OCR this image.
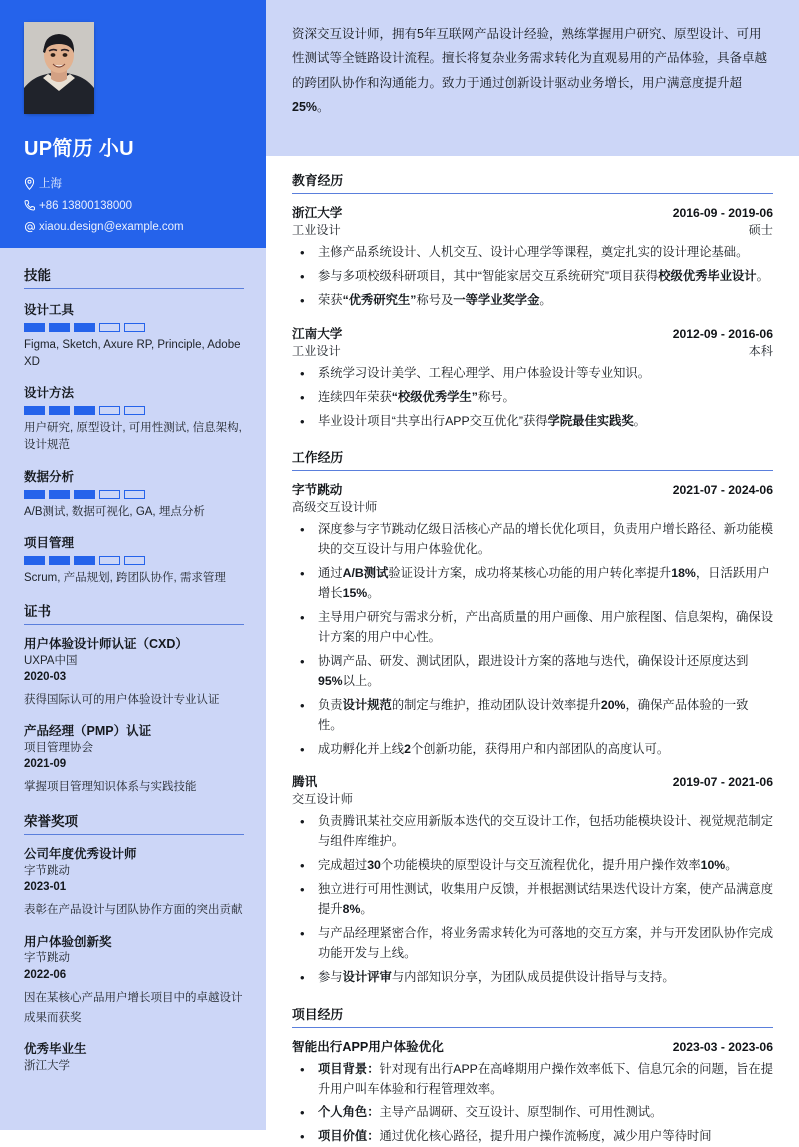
UP简历 小U
上海
+86 13800138000
xiaou.design@example.com
技能
设计工具
Figma, Sketch, Axure RP, Principle, Adobe XD
设计方法
用户研究, 原型设计, 可用性测试, 信息架构, 设计规范
数据分析
A/B测试, 数据可视化, GA, 埋点分析
项目管理
Scrum, 产品规划, 跨团队协作, 需求管理
证书
用户体验设计师认证（CXD）
UXPA中国
2020-03
获得国际认可的用户体验设计专业认证
产品经理（PMP）认证
项目管理协会
2021-09
掌握项目管理知识体系与实践技能
荣誉奖项
公司年度优秀设计师
字节跳动
2023-01
表彰在产品设计与团队协作方面的突出贡献
用户体验创新奖
字节跳动
2022-06
因在某核心产品用户增长项目中的卓越设计成果而获奖
优秀毕业生
浙江大学
资深交互设计师，拥有5年互联网产品设计经验，熟练掌握用户研究、原型设计、可用性测试等全链路设计流程。擅长将复杂业务需求转化为直观易用的产品体验，具备卓越的跨团队协作和沟通能力。致力于通过创新设计驱动业务增长，用户满意度提升超25%。
教育经历
浙江大学	2016-09 - 2019-06
工业设计	硕士
• 主修产品系统设计、人机交互、设计心理学等课程，奠定扎实的设计理论基础。
• 参与多项校级科研项目，其中“智能家居交互系统研究”项目获得校级优秀毕业设计。
• 荣获“优秀研究生”称号及一等学业奖学金。
江南大学	2012-09 - 2016-06
工业设计	本科
• 系统学习设计美学、工程心理学、用户体验设计等专业知识。
• 连续四年荣获“校级优秀学生”称号。
• 毕业设计项目“共享出行APP交互优化”获得学院最佳实践奖。
工作经历
字节跳动	2021-07 - 2024-06
高级交互设计师
• 深度参与字节跳动亿级日活核心产品的增长优化项目，负责用户增长路径、新功能模块的交互设计与用户体验优化。
• 通过A/B测试验证设计方案，成功将某核心功能的用户转化率提升18%，日活跃用户增长15%。
• 主导用户研究与需求分析，产出高质量的用户画像、用户旅程图、信息架构，确保设计方案的用户中心性。
• 协调产品、研发、测试团队，跟进设计方案的落地与迭代，确保设计还原度达到95%以上。
• 负责设计规范的制定与维护，推动团队设计效率提升20%，确保产品体验的一致性。
• 成功孵化并上线2个创新功能，获得用户和内部团队的高度认可。
腾讯	2019-07 - 2021-06
交互设计师
• 负责腾讯某社交应用新版本迭代的交互设计工作，包括功能模块设计、视觉规范制定与组件库维护。
• 完成超过30个功能模块的原型设计与交互流程优化，提升用户操作效率10%。
• 独立进行可用性测试，收集用户反馈，并根据测试结果迭代设计方案，使产品满意度提升8%。
• 与产品经理紧密合作，将业务需求转化为可落地的交互方案，并与开发团队协作完成功能开发与上线。
• 参与设计评审与内部知识分享，为团队成员提供设计指导与支持。
项目经历
智能出行APP用户体验优化	2023-03 - 2023-06
• 项目背景：针对现有出行APP在高峰期用户操作效率低下、信息冗余的问题，旨在提升用户叫车体验和行程管理效率。
• 个人角色：主导产品调研、交互设计、原型制作、可用性测试。
• 项目价值：通过优化核心路径，提升用户操作流畅度，减少用户等待时间
